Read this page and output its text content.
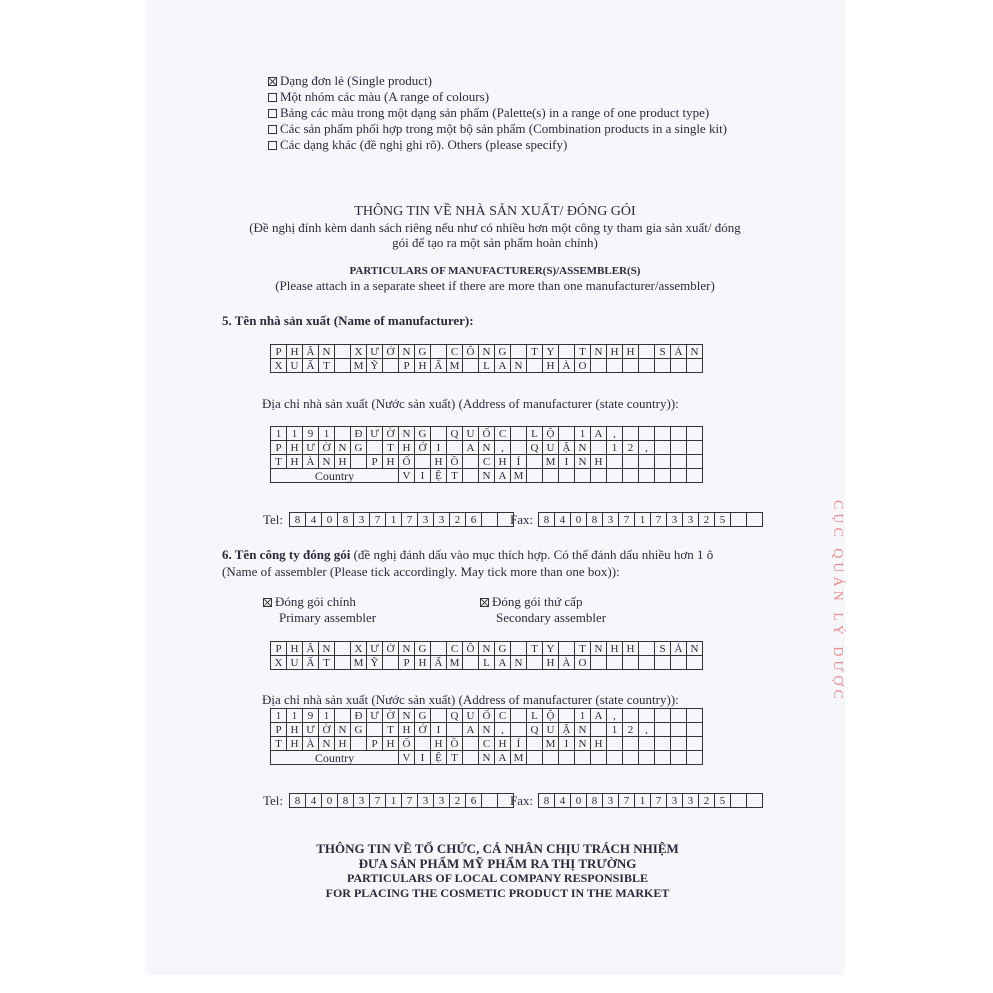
Dạng đơn lẻ (Single product)
Một nhóm các màu (A range of colours)
Bảng các màu trong một dạng sản phẩm (Palette(s) in a range of one product type)
Các sản phẩm phối hợp trong một bộ sản phẩm (Combination products in a single kit)
Các dạng khác (đề nghị ghi rõ). Others (please specify)
THÔNG TIN VỀ NHÀ SẢN XUẤT/ ĐÓNG GÓI
(Đề nghị đính kèm danh sách riêng nếu như có nhiều hơn một công ty tham gia sản xuất/ đóng
gói để tạo ra một sản phẩm hoàn chỉnh)
PARTICULARS OF MANUFACTURER(S)/ASSEMBLER(S)
(Please attach in a separate sheet if there are more than one manufacturer/assembler)
5. Tên nhà sản xuất (Name of manufacturer):
P	H	Â	N		X	Ư	Ở	N	G		C	Ô	N	G		T	Y		T	N	H	H		S	Ả	N
X	U	Ấ	T		M	Ỹ		P	H	Ẩ	M		L	A	N		H	À	O							
Địa chỉ nhà sản xuất (Nước sản xuất) (Address of manufacturer (state country)):
1	1	9	1		Đ	Ư	Ờ	N	G		Q	U	Ố	C		L	Ộ		1	A	,					
P	H	Ư	Ờ	N	G		T	H	Ớ	I		A	N	,		Q	U	Ậ	N		1	2	,			
T	H	À	N	H		P	H	Ố		H	Ồ		C	H	Í		M	I	N	H						
Country								V	I	Ệ	T		N	A	M											
Tel: 8	4	0	8	3	7	1	7	3	3	2	6			Fax: 8	4	0	8	3	7	1	7	3	3	2	5		
6. Tên công ty đóng gói (đề nghị đánh dấu vào mục thích hợp. Có thể đánh dấu nhiều hơn 1 ô
(Name of assembler (Please tick accordingly. May tick more than one box)):
Đóng gói chính
Primary assembler
Đóng gói thứ cấp
Secondary assembler
P	H	Â	N		X	Ư	Ở	N	G		C	Ô	N	G		T	Y		T	N	H	H		S	Ả	N
X	U	Ấ	T		M	Ỹ		P	H	Ẩ	M		L	A	N		H	À	O							
Địa chỉ nhà sản xuất (Nước sản xuất) (Address of manufacturer (state country)):
1	1	9	1		Đ	Ư	Ờ	N	G		Q	U	Ố	C		L	Ộ		1	A	,					
P	H	Ư	Ờ	N	G		T	H	Ớ	I		A	N	,		Q	U	Ậ	N		1	2	,			
T	H	À	N	H		P	H	Ố		H	Ồ		C	H	Í		M	I	N	H						
Country								V	I	Ệ	T		N	A	M											
Tel: 8	4	0	8	3	7	1	7	3	3	2	6			Fax: 8	4	0	8	3	7	1	7	3	3	2	5		
THÔNG TIN VỀ TỔ CHỨC, CÁ NHÂN CHỊU TRÁCH NHIỆM
ĐƯA SẢN PHẨM MỸ PHẨM RA THỊ TRƯỜNG
PARTICULARS OF LOCAL COMPANY RESPONSIBLE
FOR PLACING THE COSMETIC PRODUCT IN THE MARKET
CỤC QUẢN LÝ DƯỢC
